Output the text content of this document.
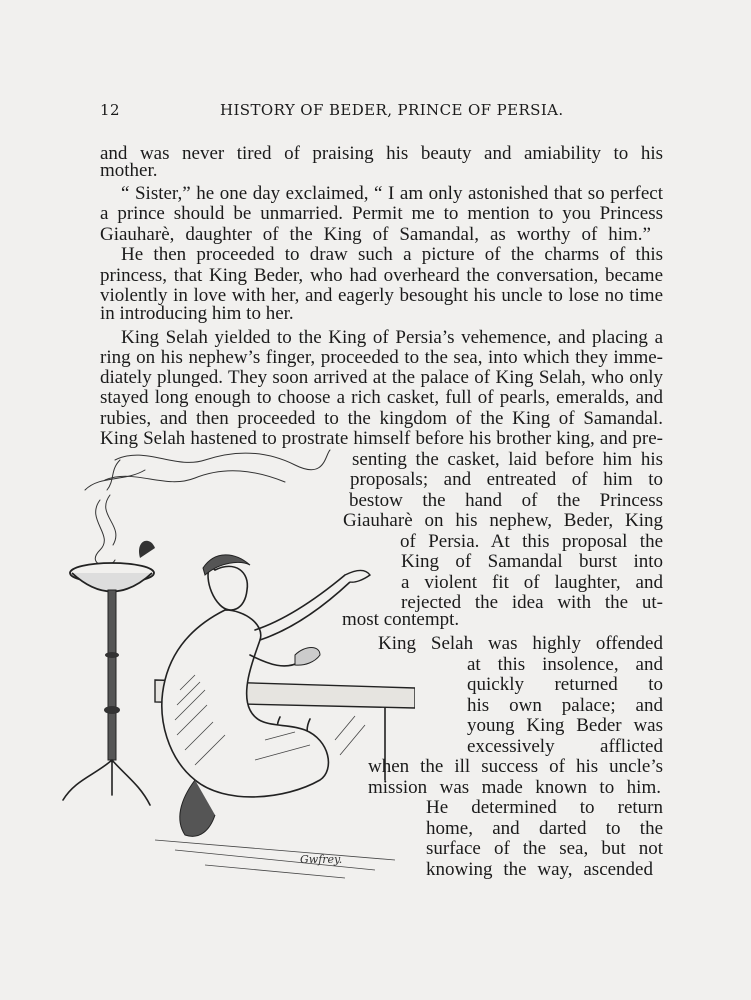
12	HISTORY OF BEDER, PRINCE OF PERSIA.
and was never tired of praising his beauty and amiability to his
mother.
“ Sister,” he one day exclaimed, “ I am only astonished that so perfect
a prince should be unmarried. Permit me to mention to you Princess
Giauharè, daughter of the King of Samandal, as worthy of him.”
He then proceeded to draw such a picture of the charms of this
princess, that King Beder, who had overheard the conversation, became
violently in love with her, and eagerly besought his uncle to lose no time
in introducing him to her.
King Selah yielded to the King of Persia’s vehemence, and placing a
ring on his nephew’s finger, proceeded to the sea, into which they imme-
diately plunged. They soon arrived at the palace of King Selah, who only
stayed long enough to choose a rich casket, full of pearls, emeralds, and
rubies, and then proceeded to the kingdom of the King of Samandal.
King Selah hastened to prostrate himself before his brother king, and pre-
senting the casket, laid before him his
proposals; and entreated of him to
bestow the hand of the Princess
Giauharè on his nephew, Beder, King
of Persia. At this proposal the
King of Samandal burst into
a violent fit of laughter, and
rejected the idea with the ut-
most contempt.
King Selah was highly offended
at this insolence, and
quickly returned to
his own palace; and
young King Beder was
excessively afflicted
when the ill success of his uncle’s
mission was made known to him.
He determined to return
home, and darted to the
surface of the sea, but not
knowing the way, ascended
Gwfrey.
